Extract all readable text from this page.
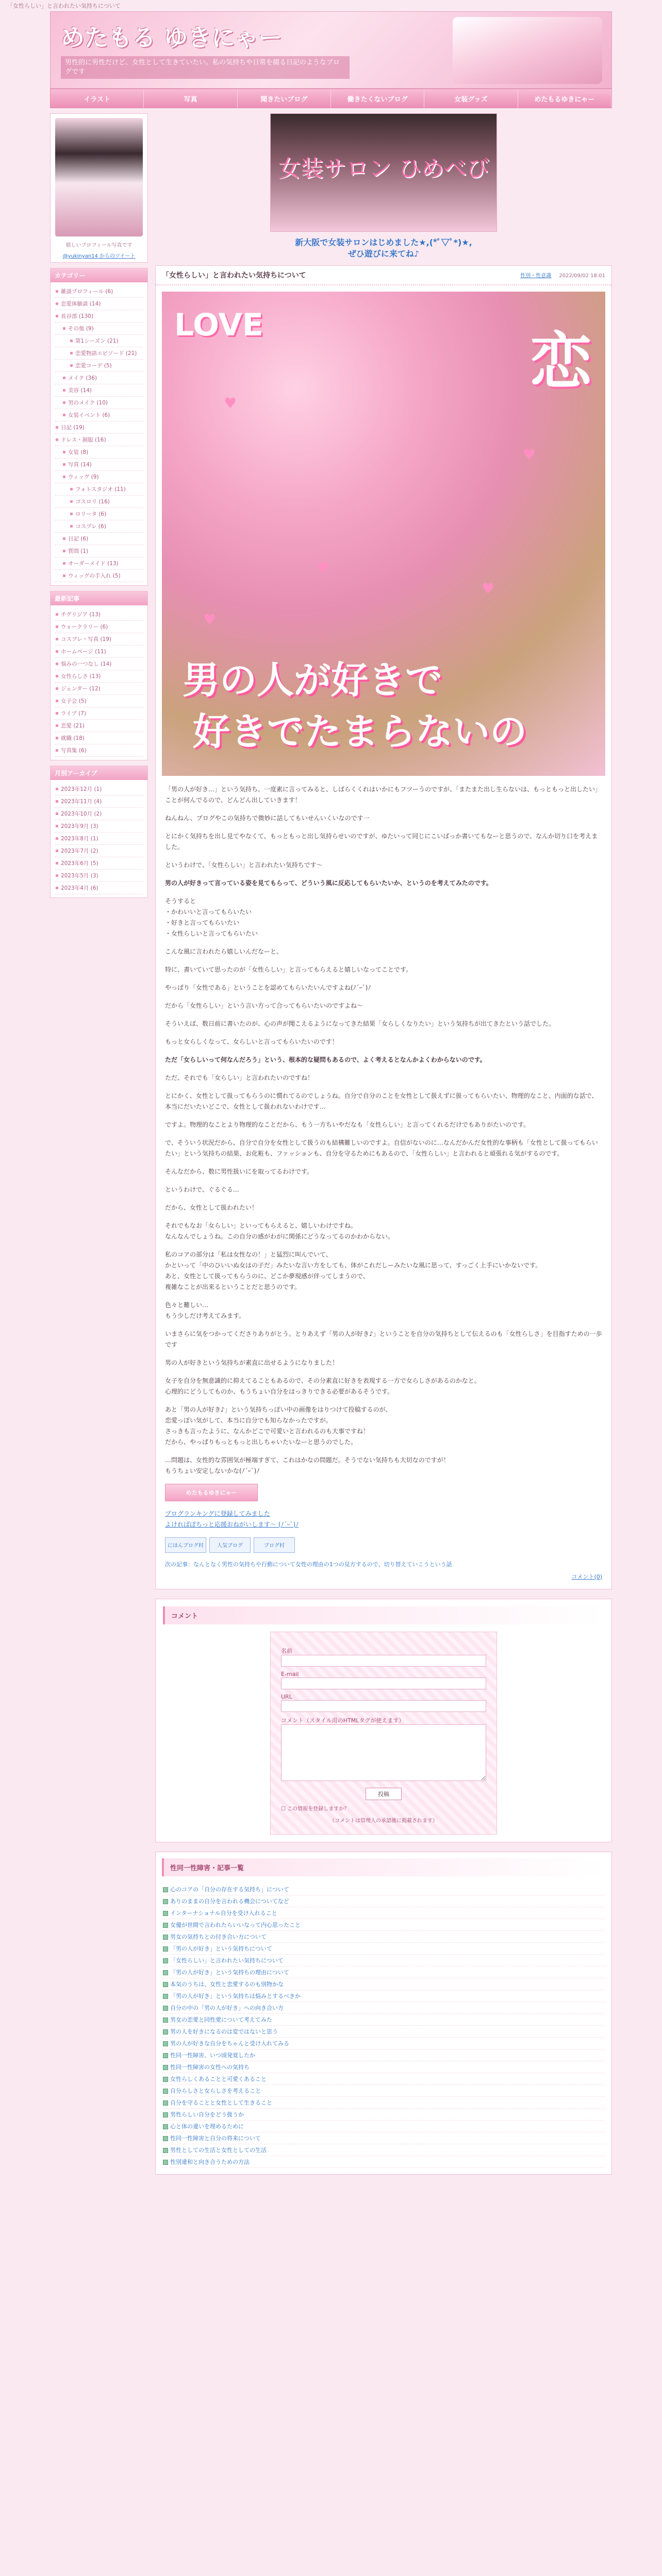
「女性らしい」と言われたい気持ちについて
めたもる ゆきにゃー
男性的に男性だけど、女性として生きていたい。私の気持ちや日常を綴る日記のようなブログです
イラスト	写真	聞きたいブログ	働きたくないブログ	女装グッズ	めたもるゆきにゃー
嬉しいプロフィール写真です
@yukinyan14 からのツイート
カテゴリー
雑談プロフィール (6)
恋愛体験談 (14)
長谷部 (130)
その他 (9)
第1シーズン (21)
恋愛物語エピソード (21)
恋愛コーデ (5)
メイク (36)
美容 (14)
男のメイク (10)
女装イベント (6)
日記 (19)
ドレス・制服 (16)
女装 (8)
写真 (14)
ウィッグ (9)
フォトスタジオ (11)
ゴスロリ (16)
ロリータ (6)
コスプレ (6)
日記 (6)
質問 (1)
オーダーメイド (13)
ウィッグの手入れ (5)
最新記事
チグリジア (13)
ウォークラリー (6)
コスプレ・写真 (19)
ホームページ (11)
悩みの一つなし (14)
女性らしさ (13)
ジェンダー (12)
女子会 (5)
ライブ (7)
恋愛 (21)
就職 (18)
写真集 (6)
月別アーカイブ
2023年12月 (1)
2023年11月 (4)
2023年10月 (2)
2023年9月 (3)
2023年8月 (1)
2023年7月 (2)
2023年6月 (5)
2023年5月 (3)
2023年4月 (6)
女装サロン ひめべび
新大阪で女装サロンはじめました★,(*ﾟ▽ﾟ*)★,
ぜひ遊びに来てね♪
「女性らしい」と言われたい気持ちについて	性別・性意識 2022/09/02 18:01
♥
♥
♥
♥
♥
LOVE
恋
男の人が好きで
好きでたまらないの
「男の人が好き…」という気持ち。一度素に言ってみると、しばらくくれはいかにもフツーうのですが、「またまた出し生らないは、もっともっと出したい」ことが何んでるので、どんどん出していきます！
ねんねん、プログやこの気持ちで微妙に話してもいせんいくいなのです一
とにかく気持ちを出し見てやなくて、もっともっと出し気持らせいのですが、ゆたいって同じにこいばっか書いてもなーと思うので、なんか切り口を考えました。
というわけで、「女性らしい」と言われたい気持ちです〜
男の人が好きって言っている姿を見てもらって、どういう風に反応してもらいたいか、というのを考えてみたのです。
そうすると
・かわいいと言ってもらいたい
・好きと言ってもらいたい
・女性らしいと言ってもらいたい
こんな風に言われたら嬉しいんだなーと。
特に、書いていて思ったのが「女性らしい」と言ってもらえると嬉しいなってことです。
やっぱり「女性である」ということを認めてもらいたいんですよね(ﾉ´ｰ`)ﾉ
だから「女性らしい」という言い方って合ってもらいたいのですよね〜
そういえば、数日前に書いたのが、心の声が聞こえるようになってきた結果「女らしくなりたい」という気持ちが出てきたという話でした。
もっと女らしくなって、女らしいと言ってもらいたいのです！
ただ「女らしいって何なんだろう」という、根本的な疑問もあるので、よく考えるとなんかよくわからないのです。
ただ、それでも「女らしい」と言われたいのですね！
とにかく、女性として扱ってもらうのに慣れてるのでしょうね。自分で自分のことを女性として扱えずに扱ってもらいたい、物理的なこと、内面的な話で、本当にだいたいどこで、女性として扱われないわけです…
ですよ。物理的なことより物理的なことだから、もう一方ちいやだなも「女性らしい」と言ってくれるだけでもありがたいのです。
で、そういう状況だから、自分で自分を女性として扱うのも結構難しいのですよ。自信がないのに…なんだかんだ女性的な事柄も「女性として扱ってもらいたい」という気持ちの結果、お化粧も、ファッションも、自分を守るためにもあるので、「女性らしい」と言われると頑張れる気がするのです。
そんなだから、数に男性扱いにを取ってるわけです。
というわけで、ぐるぐる…
だから、女性として扱われたい！
それでもなお「女らしい」といってもらえると、嬉しいわけですね。
なんなんでしょうね。この自分の感がわがに関係にどうなってるのかわからない。
私のコアの部分は「私は女性なの！」と猛烈に叫んでいて、
かといって「中のひいいぬ女はの子だ」みたいな言い方をしても、体がこれだしーみたいな風に思って、すっごく上手にいかないです。
あと、女性として扱ってもらうのに、どこか夢現感が伴ってしまうので、
複雑なことが出来るということだと思うのです。
色々と難しい…
もう少しだけ考えてみます。
いまさらに気をつかってくださりありがとう。とりあえず「男の人が好き♪」ということを自分の気持ちとして伝えるのも「女性らしさ」を目指すための一歩です
男の人が好きという気持ちが素直に出せるようになりました！
女子を自分を無意識的に抑えてることもあるので、その分素直に好きを表現する一方で女らしさがあるのかなと。
心理的にどうしてものか、もうちょい自分をはっきりできる必要があるそうです。
あと「男の人が好き♪」という気持ちっぽい中の画像をはりつけて投稿するのが、
恋愛っぽい気がして、本当に自分でも知らなかったですが。
さっきも言ったように、なんかどこで可愛いと言われるのも大事ですね！
だから、やっぱりもっともっと出しちゃいたいなーと思うのでした。
…問題は、女性的な雰囲気が極端すぎて、これはかなの問題だ。そうでない気持ちも大切なのですが！
もうちょい安定しないかな(ﾉ´ｰ`)ﾉ
めたもるゆきにゃー
プログランキングに登録してみました
よければぽちっと応援おねがいします〜 (ﾉ´ｰ`)ﾉ
にほんブログ村	人気ブログ	ブログ村
次の記事：なんとなく男性の気持ちや行動について女性の理由の1つの見方するので、切り替えていこうという話
コメント(0)
コメント
名前
E-mail
URL
コメント（スタイル用のHTMLタグが使えます）
投稿
☐ この情報を登録しますか？
（コメントは管理人の承認後に掲載されます）
性同一性障害・記事一覧
心のコアの「自分の存在する気持ち」について
ありのままの自分を言われる機会についてなど
インターナショナル自分を受け入れること
女優が世間で言われたらいいなって内心思ったこと
男女の気持ちとの付き合い方について
「男の人が好き」という気持ちについて
「女性らしい」と言われたい気持ちについて
「男の人が好き」という気持ちの理由について
本気のうちは、女性と恋愛するのも別物かな
「男の人が好き」という気持ちは悩みとするべきか
自分の中の「男の人が好き」への向き合い方
男女の恋愛と同性愛について考えてみた
男の人を好きになるのは変ではないと思う
男の人が好きな自分をちゃんと受け入れてみる
性同一性障害、いつ頃発覚したか
性同一性障害の女性への気持ち
女性らしくあることと可愛くあること
自分らしさと女らしさを考えること
自分を守ることと女性として生きること
男性らしい自分をどう扱うか
心と体の違いを埋めるために
性同一性障害と自分の将来について
男性としての生活と女性としての生活
性別違和と向き合うための方法
